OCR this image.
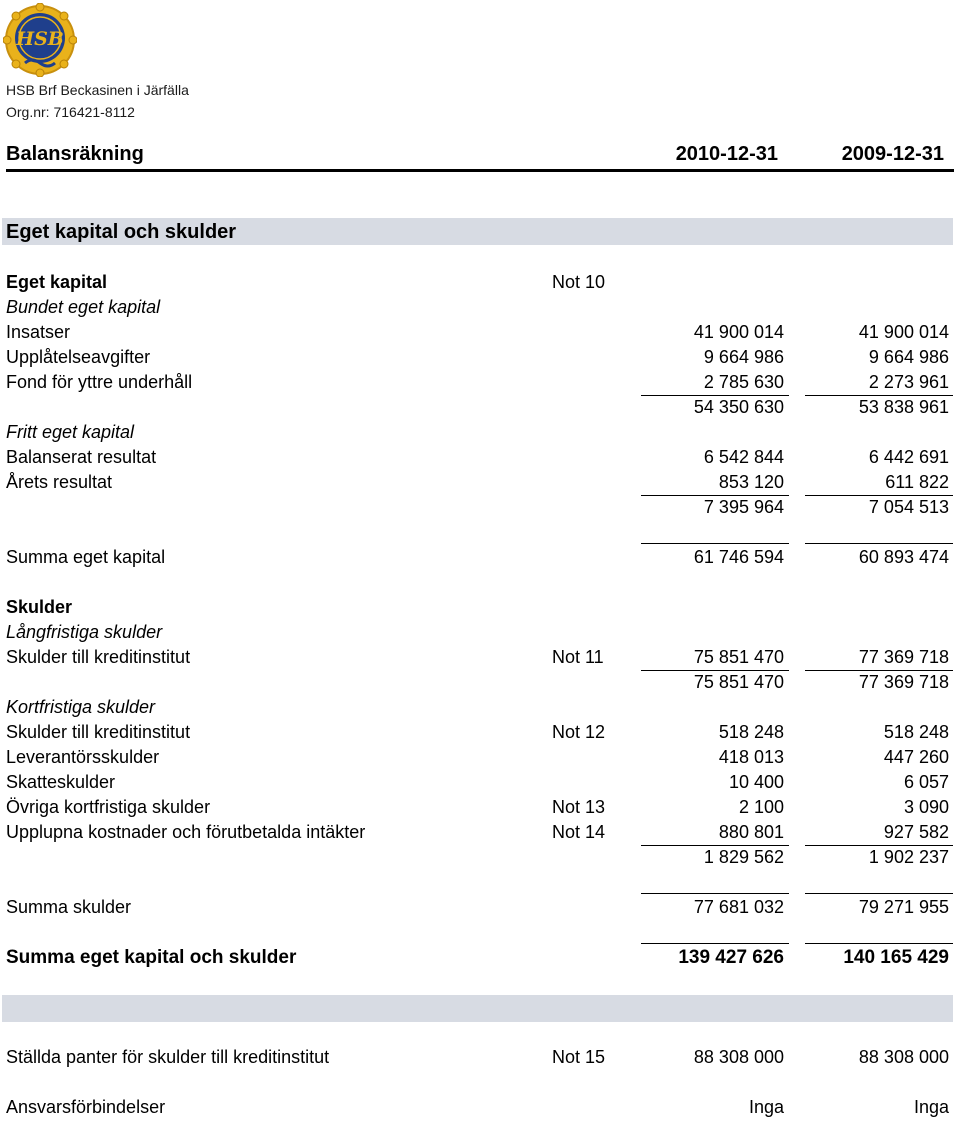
HSB
HSB Brf Beckasinen i Järfälla
Org.nr: 716421-8112
Balansräkning	2010-12-31	2009-12-31
Eget kapital och skulder
Eget kapital	Not 10
Bundet eget kapital
Insatser	41 900 014	41 900 014
Upplåtelseavgifter	9 664 986	9 664 986
Fond för yttre underhåll	2 785 630	2 273 961
54 350 630	53 838 961
Fritt eget kapital
Balanserat resultat	6 542 844	6 442 691
Årets resultat	853 120	611 822
7 395 964	7 054 513
Summa eget kapital	61 746 594	60 893 474
Skulder
Långfristiga skulder
Skulder till kreditinstitut	Not 11	75 851 470	77 369 718
75 851 470	77 369 718
Kortfristiga skulder
Skulder till kreditinstitut	Not 12	518 248	518 248
Leverantörsskulder	418 013	447 260
Skatteskulder	10 400	6 057
Övriga kortfristiga skulder	Not 13	2 100	3 090
Upplupna kostnader och förutbetalda intäkter	Not 14	880 801	927 582
1 829 562	1 902 237
Summa skulder	77 681 032	79 271 955
Summa eget kapital och skulder	139 427 626	140 165 429
Ställda panter för skulder till kreditinstitut	Not 15	88 308 000	88 308 000
Ansvarsförbindelser	Inga	Inga
